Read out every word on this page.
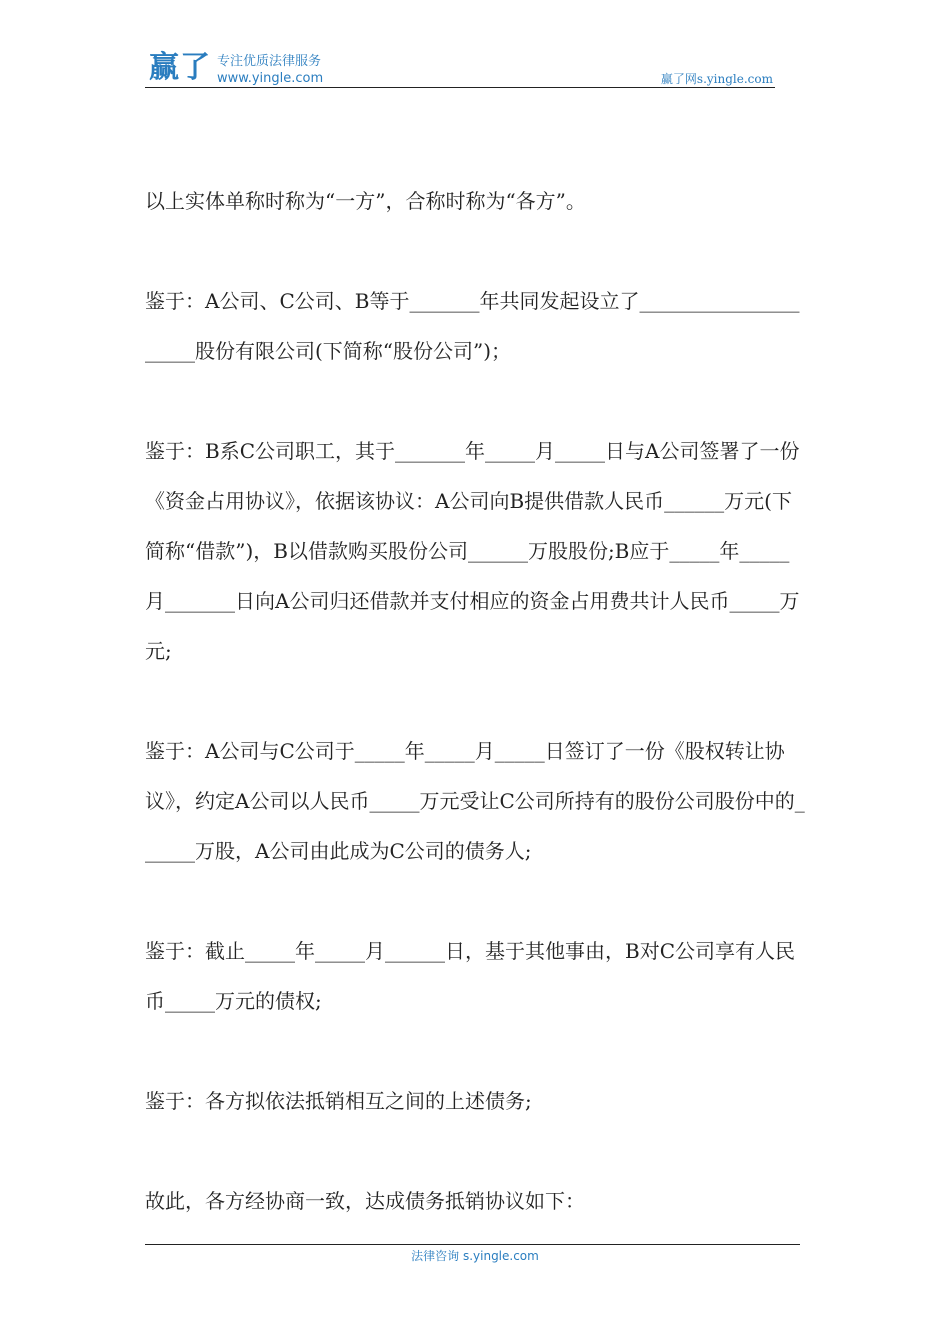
赢了 专注优质法律服务
www.yingle.com	赢了网s.yingle.com

以上实体单称时称为“一方”，合称时称为“各方”。

鉴于：A公司、C公司、B等于_______年共同发起设立了_____________________股份有限公司(下简称“股份公司”)；

鉴于：B系C公司职工，其于_______年_____月_____日与A公司签署了一份《资金占用协议》，依据该协议：A公司向B提供借款人民币______万元(下简称“借款”)，B以借款购买股份公司______万股股份;B应于_____年_____月_______日向A公司归还借款并支付相应的资金占用费共计人民币_____万元;

鉴于：A公司与C公司于_____年_____月_____日签订了一份《股权转让协议》，约定A公司以人民币_____万元受让C公司所持有的股份公司股份中的______万股，A公司由此成为C公司的债务人;

鉴于：截止_____年_____月______日，基于其他事由，B对C公司享有人民币_____万元的债权;

鉴于：各方拟依法抵销相互之间的上述债务;

故此，各方经协商一致，达成债务抵销协议如下：

法律咨询 s.yingle.com
